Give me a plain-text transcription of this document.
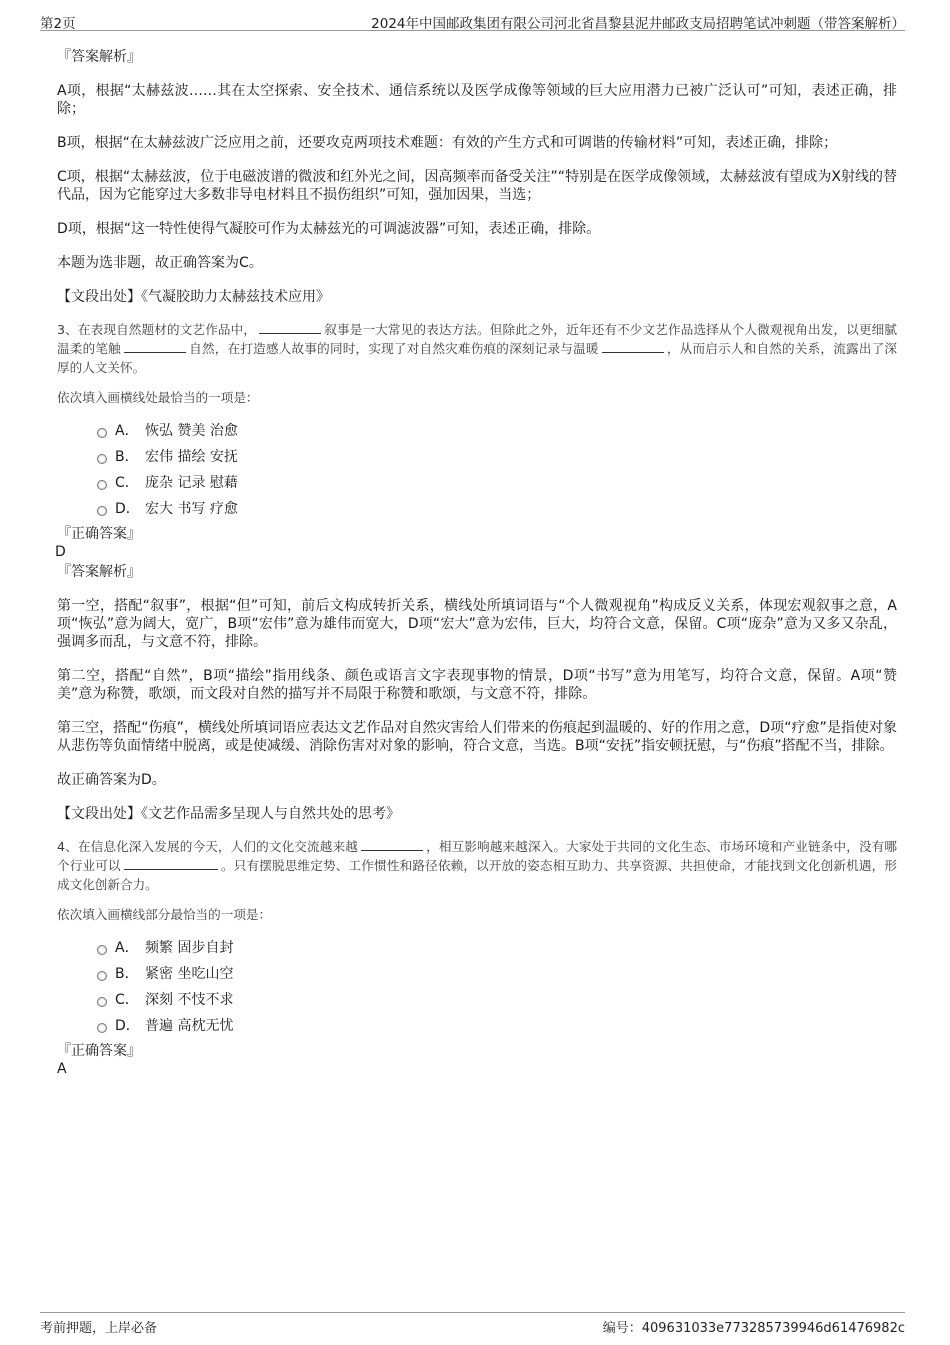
第2页	2024年中国邮政集团有限公司河北省昌黎县泥井邮政支局招聘笔试冲刺题（带答案解析）

『答案解析』

A项，根据“太赫兹波……其在太空探索、安全技术、通信系统以及医学成像等领域的巨大应用潜力已被广泛认可”可知，表述正确，排除；

B项，根据“在太赫兹波广泛应用之前，还要攻克两项技术难题：有效的产生方式和可调谐的传输材料”可知，表述正确，排除；

C项，根据“太赫兹波，位于电磁波谱的微波和红外光之间，因高频率而备受关注”“特别是在医学成像领域，太赫兹波有望成为X射线的替代品，因为它能穿过大多数非导电材料且不损伤组织”可知，强加因果，当选；

D项，根据“这一特性使得气凝胶可作为太赫兹光的可调滤波器”可知，表述正确，排除。

本题为选非题，故正确答案为C。

【文段出处】《气凝胶助力太赫兹技术应用》

3、在表现自然题材的文艺作品中，	叙事是一大常见的表达方法。但除此之外，近年还有不少文艺作品选择从个人微观视角出发，以更细腻温柔的笔触	自然，在打造感人故事的同时，实现了对自然灾难伤痕的深刻记录与温暖	，从而启示人和自然的关系，流露出了深厚的人文关怀。

依次填入画横线处最恰当的一项是：

A． 恢弘 赞美 治愈
B． 宏伟 描绘 安抚
C． 庞杂 记录 慰藉
D． 宏大 书写 疗愈

『正确答案』

D

『答案解析』

第一空，搭配“叙事”，根据“但”可知，前后文构成转折关系，横线处所填词语与“个人微观视角”构成反义关系，体现宏观叙事之意，A项“恢弘”意为阔大，宽广，B项“宏伟”意为雄伟而宽大，D项“宏大”意为宏伟，巨大，均符合文意，保留。C项“庞杂”意为又多又杂乱，强调多而乱，与文意不符，排除。

第二空，搭配“自然”，B项“描绘”指用线条、颜色或语言文字表现事物的情景，D项“书写”意为用笔写，均符合文意，保留。A项“赞美”意为称赞，歌颂，而文段对自然的描写并不局限于称赞和歌颂，与文意不符，排除。

第三空，搭配“伤痕”，横线处所填词语应表达文艺作品对自然灾害给人们带来的伤痕起到温暖的、好的作用之意，D项“疗愈”是指使对象从悲伤等负面情绪中脱离，或是使减缓、消除伤害对对象的影响，符合文意，当选。B项“安抚”指安顿抚慰，与“伤痕”搭配不当，排除。

故正确答案为D。

【文段出处】《文艺作品需多呈现人与自然共处的思考》

4、在信息化深入发展的今天，人们的文化交流越来越	，相互影响越来越深入。大家处于共同的文化生态、市场环境和产业链条中，没有哪个行业可以	。只有摆脱思维定势、工作惯性和路径依赖，以开放的姿态相互助力、共享资源、共担使命，才能找到文化创新机遇，形成文化创新合力。

依次填入画横线部分最恰当的一项是：

A． 频繁 固步自封
B． 紧密 坐吃山空
C． 深刻 不忮不求
D． 普遍 高枕无忧

『正确答案』

A

考前押题，上岸必备	编号：409631033e773285739946d61476982c
